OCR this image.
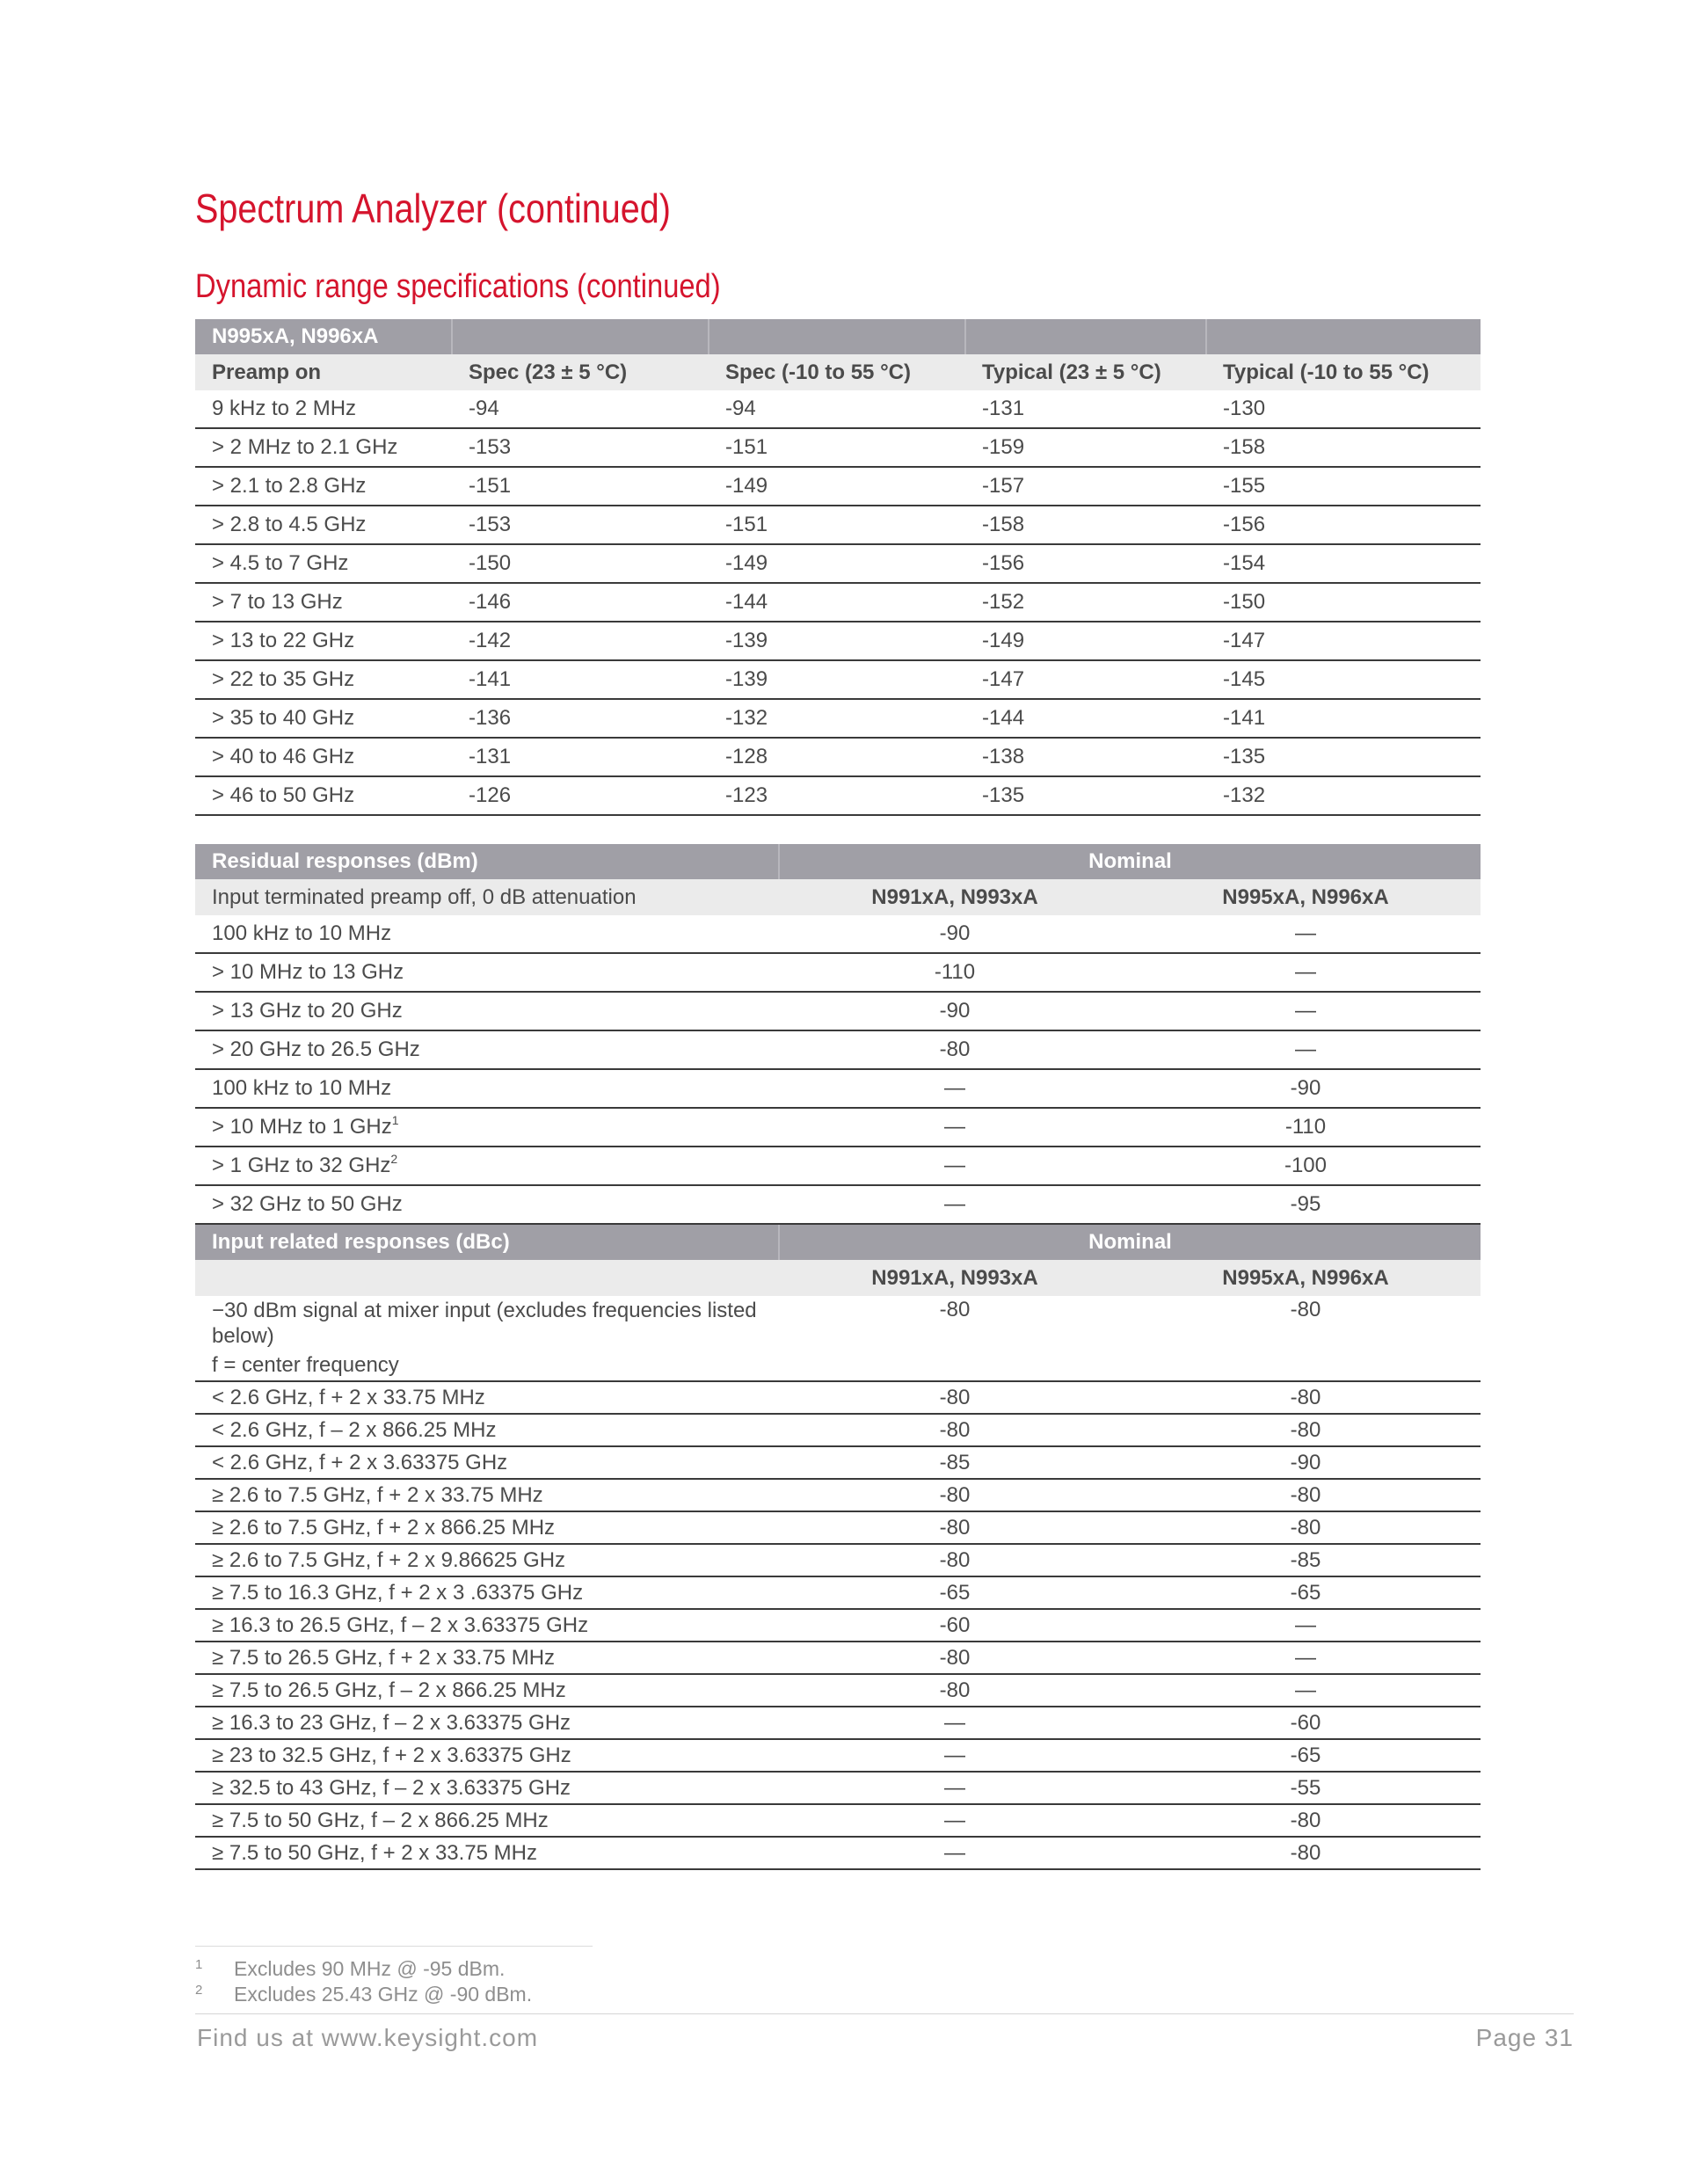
Spectrum Analyzer (continued)
Dynamic range specifications (continued)
N995xA, N996xA				
Preamp on	Spec (23 ± 5 °C)	Spec (-10 to 55 °C)	Typical (23 ± 5 °C)	Typical (-10 to 55 °C)
9 kHz to 2 MHz	-94	-94	-131	-130
> 2 MHz to 2.1 GHz	-153	-151	-159	-158
> 2.1 to 2.8 GHz	-151	-149	-157	-155
> 2.8 to 4.5 GHz	-153	-151	-158	-156
> 4.5 to 7 GHz	-150	-149	-156	-154
> 7 to 13 GHz	-146	-144	-152	-150
> 13 to 22 GHz	-142	-139	-149	-147
> 22 to 35 GHz	-141	-139	-147	-145
> 35 to 40 GHz	-136	-132	-144	-141
> 40 to 46 GHz	-131	-128	-138	-135
> 46 to 50 GHz	-126	-123	-135	-132
Residual responses (dBm)	Nominal	
Input terminated preamp off, 0 dB attenuation	N991xA, N993xA	N995xA, N996xA
100 kHz to 10 MHz	-90	—
> 10 MHz to 13 GHz	-110	—
> 13 GHz to 20 GHz	-90	—
> 20 GHz to 26.5 GHz	-80	—
100 kHz to 10 MHz	—	-90
> 10 MHz to 1 GHz$^1$	—	-110
> 1 GHz to 32 GHz$^2$	—	-100
> 32 GHz to 50 GHz	—	-95
Input related responses (dBc)	Nominal	
	N991xA, N993xA	N995xA, N996xA

−30 dBm signal at mixer input (excludes frequencies listed below)
f = center frequency	-80	-80
< 2.6 GHz, f + 2 x 33.75 MHz	-80	-80
< 2.6 GHz, f – 2 x 866.25 MHz	-80	-80
< 2.6 GHz, f + 2 x 3.63375 GHz	-85	-90
≥ 2.6 to 7.5 GHz, f + 2 x 33.75 MHz	-80	-80
≥ 2.6 to 7.5 GHz, f + 2 x 866.25 MHz	-80	-80
≥ 2.6 to 7.5 GHz, f + 2 x 9.86625 GHz	-80	-85
≥ 7.5 to 16.3 GHz, f + 2 x 3 .63375 GHz	-65	-65
≥ 16.3 to 26.5 GHz, f – 2 x 3.63375 GHz	-60	—
≥ 7.5 to 26.5 GHz, f + 2 x 33.75 MHz	-80	—
≥ 7.5 to 26.5 GHz, f – 2 x 866.25 MHz	-80	—
≥ 16.3 to 23 GHz, f – 2 x 3.63375 GHz	—	-60
≥ 23 to 32.5 GHz, f + 2 x 3.63375 GHz	—	-65
≥ 32.5 to 43 GHz, f – 2 x 3.63375 GHz	—	-55
≥ 7.5 to 50 GHz, f – 2 x 866.25 MHz	—	-80
≥ 7.5 to 50 GHz, f + 2 x 33.75 MHz	—	-80
1 Excludes 90 MHz @ -95 dBm.
2 Excludes 25.43 GHz @ -90 dBm.
Find us at www.keysight.com	Page 31
